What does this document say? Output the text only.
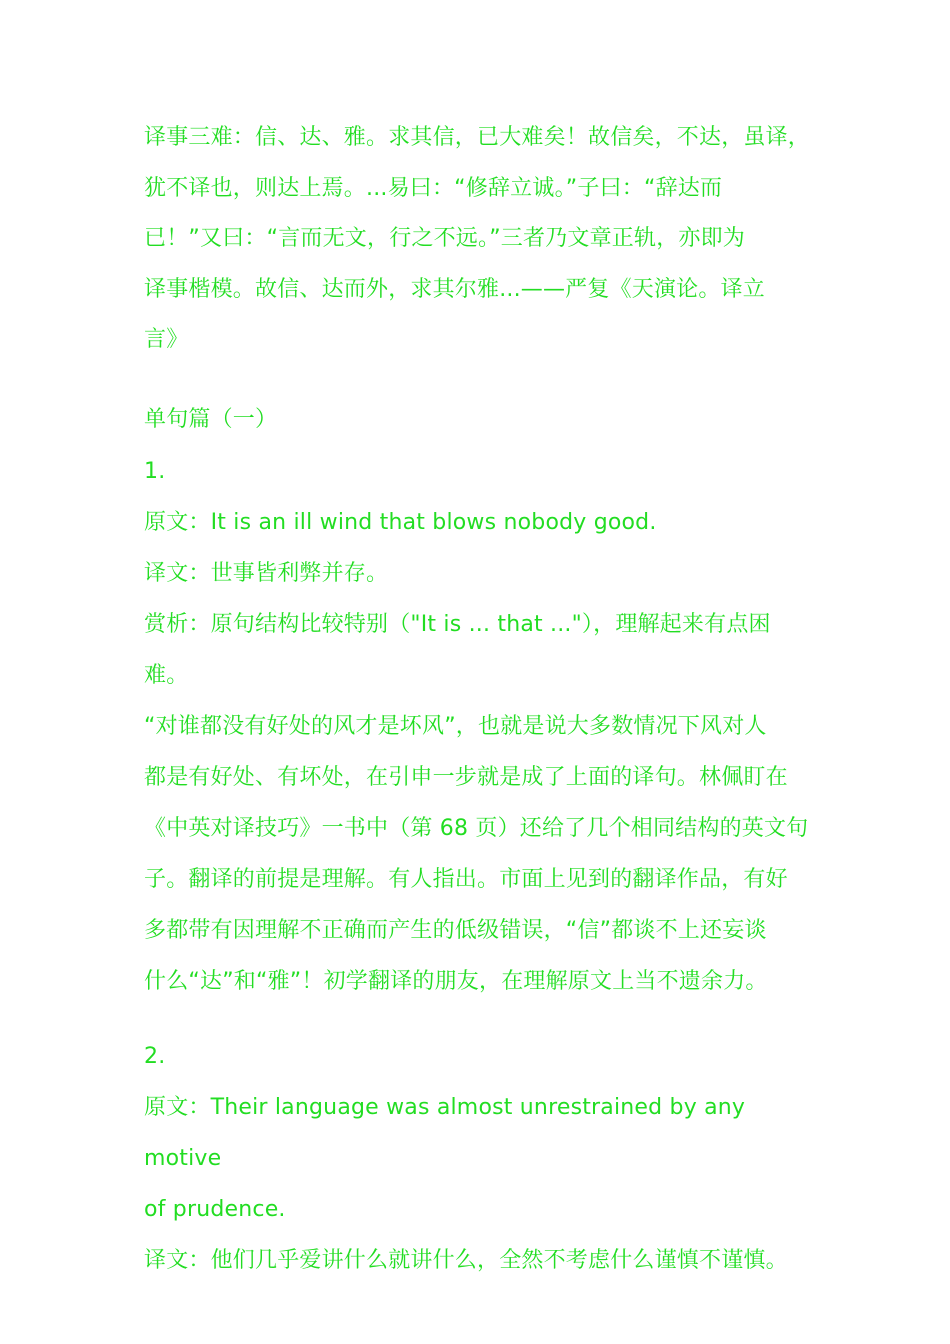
译事三难：信、达、雅。求其信，已大难矣！故信矣，不达，虽译，

犹不译也，则达上焉。...易曰：“修辞立诚。”子曰：“辞达而

已！”又曰：“言而无文，行之不远。”三者乃文章正轨，亦即为

译事楷模。故信、达而外，求其尔雅...——严复《天演论。译立

言》

单句篇（一）

1.

原文：It is an ill wind that blows nobody good.

译文：世事皆利弊并存。

赏析：原句结构比较特别（"It is ... that ..."），理解起来有点困难。

“对谁都没有好处的风才是坏风”，也就是说大多数情况下风对人

都是有好处、有坏处，在引申一步就是成了上面的译句。林佩盯在

《中英对译技巧》一书中（第 68 页）还给了几个相同结构的英文句

子。翻译的前提是理解。有人指出。市面上见到的翻译作品，有好

多都带有因理解不正确而产生的低级错误，“信”都谈不上还妄谈

什么“达”和“雅”！初学翻译的朋友，在理解原文上当不遗余力。

2.

原文：Their language was almost unrestrained by any motive

of prudence.

译文：他们几乎爱讲什么就讲什么，全然不考虑什么谨慎不谨慎。
